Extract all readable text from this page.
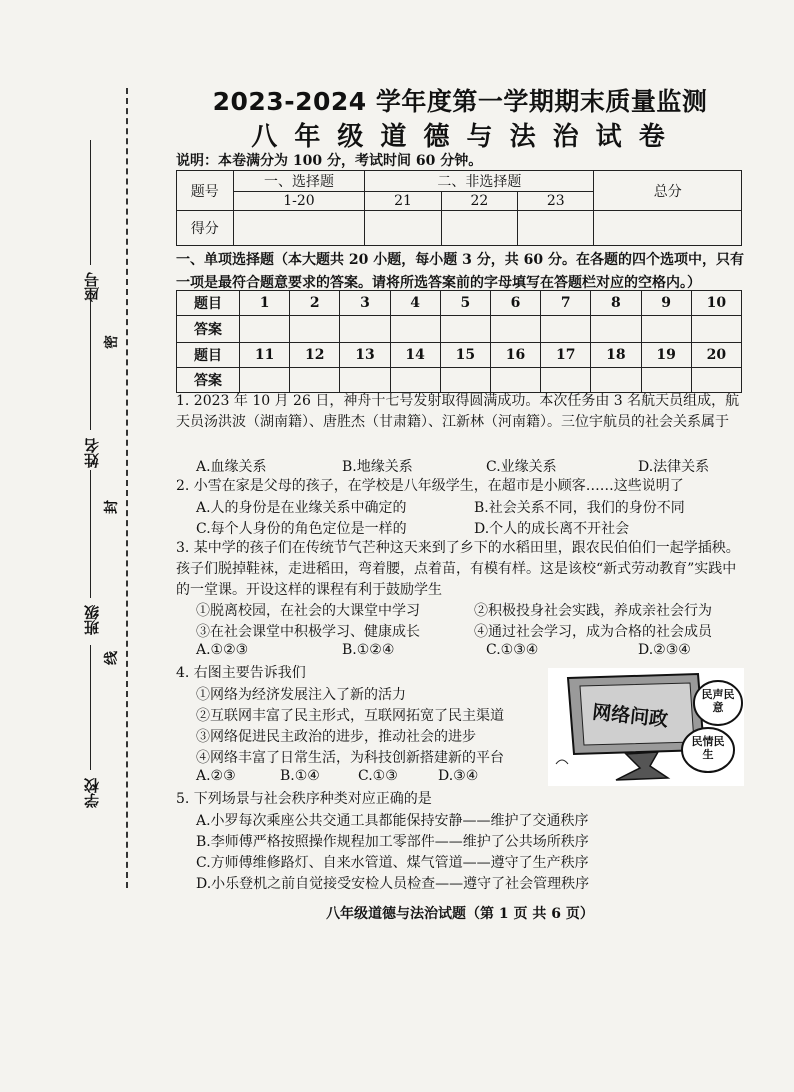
座号
姓名
班级
学校
密
封
线
2023-2024 学年度第一学期期末质量监测
八 年 级 道 德 与 法 治 试 卷
说明：本卷满分为 100 分，考试时间 60 分钟。
题号	一、选择题	二、非选择题			总分
	1-20	21	22	23	
得分					
一、单项选择题（本大题共 20 小题，每小题 3 分，共 60 分。在各题的四个选项中，只有一项是最符合题意要求的答案。请将所选答案前的字母填写在答题栏对应的空格内。）
题目	1	2	3	4	5	6	7	8	9	10
答案										
题目	11	12	13	14	15	16	17	18	19	20
答案										
1. 2023 年 10 月 26 日，神舟十七号发射取得圆满成功。本次任务由 3 名航天员组成，航天员汤洪波（湖南籍）、唐胜杰（甘肃籍）、江新林（河南籍）。三位宇航员的社会关系属于
A.血缘关系	B.地缘关系	C.业缘关系	D.法律关系
2. 小雪在家是父母的孩子，在学校是八年级学生，在超市是小顾客……这些说明了
A.人的身份是在业缘关系中确定的	B.社会关系不同，我们的身份不同
C.每个人身份的角色定位是一样的	D.个人的成长离不开社会
3. 某中学的孩子们在传统节气芒种这天来到了乡下的水稻田里，跟农民伯伯们一起学插秧。孩子们脱掉鞋袜，走进稻田，弯着腰，点着苗，有模有样。这是该校“新式劳动教育”实践中的一堂课。开设这样的课程有利于鼓励学生
①脱离校园，在社会的大课堂中学习	②积极投身社会实践，养成亲社会行为
③在社会课堂中积极学习、健康成长	④通过社会学习，成为合格的社会成员
A.①②③	B.①②④	C.①③④	D.②③④
4. 右图主要告诉我们
①网络为经济发展注入了新的活力
②互联网丰富了民主形式，互联网拓宽了民主渠道
③网络促进民主政治的进步，推动社会的进步
④网络丰富了日常生活，为科技创新搭建新的平台
A.②③	B.①④	C.①③	D.③④
网络问政
民声民意
民情民生
5. 下列场景与社会秩序种类对应正确的是
A.小罗每次乘座公共交通工具都能保持安静——维护了交通秩序
B.李师傅严格按照操作规程加工零部件——维护了公共场所秩序
C.方师傅维修路灯、自来水管道、煤气管道——遵守了生产秩序
D.小乐登机之前自觉接受安检人员检查——遵守了社会管理秩序
八年级道德与法治试题（第 1 页 共 6 页）
